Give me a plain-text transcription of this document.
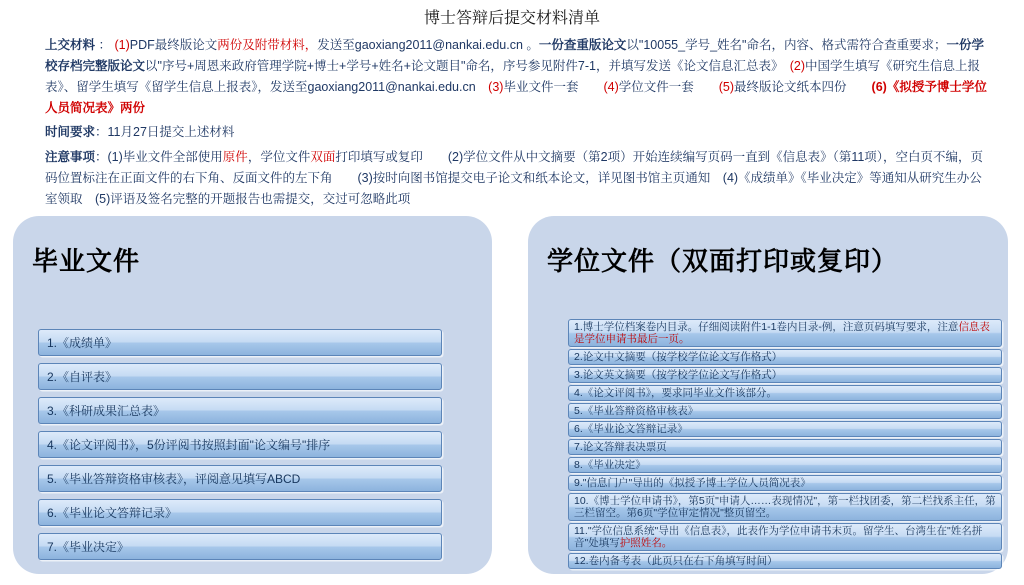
博士答辩后提交材料清单

上交材料 ： (1)PDF最终版论文两份及附带材料，发送至gaoxiang2011@nankai.edu.cn 。一份查重版论文以"10055_学号_姓名"命名，内容、格式需符合查重要求；一份学校存档完整版论文以"序号+周恩来政府管理学院+博士+学号+姓名+论文题目"命名，序号参见附件7-1，并填写发送《论文信息汇总表》　(2)中国学生填写《研究生信息上报表》、留学生填写《留学生信息上报表》，发送至gaoxiang2011@nankai.edu.cn　(3)毕业文件一套　　(4)学位文件一套　　(5)最终版论文纸本四份　　(6)《拟授予博士学位人员简况表》两份

时间要求：11月27日提交上述材料

注意事项：(1)毕业文件全部使用原件，学位文件双面打印填写或复印　　(2)学位文件从中文摘要（第2项）开始连续编写页码一直到《信息表》（第11项），空白页不编，页码位置标注在正面文件的右下角、反面文件的左下角　　(3)按时向图书馆提交电子论文和纸本论文，详见图书馆主页通知　(4)《成绩单》《毕业决定》等通知从研究生办公室领取　(5)评语及签名完整的开题报告也需提交，交过可忽略此项

毕业文件
1.《成绩单》
2.《自评表》
3.《科研成果汇总表》
4.《论文评阅书》，5份评阅书按照封面"论文编号"排序
5.《毕业答辩资格审核表》，评阅意见填写ABCD
6.《毕业论文答辩记录》
7.《毕业决定》
学位文件（双面打印或复印）
1.博士学位档案卷内目录。仔细阅读附件1-1卷内目录-例，注意页码填写要求，注意信息表是学位申请书最后一页。
2.论文中文摘要（按学校学位论文写作格式）
3.论文英文摘要（按学校学位论文写作格式）
4.《论文评阅书》，要求同毕业文件该部分。
5.《毕业答辩资格审核表》
6.《毕业论文答辩记录》
7.论文答辩表决票页
8.《毕业决定》
9."信息门户"导出的《拟授予博士学位人员简况表》
10.《博士学位申请书》，第5页"申请人……表现情况"，第一栏找团委，第二栏找系主任，第三栏留空。第6页"学位审定情况"整页留空。
11."学位信息系统"导出《信息表》，此表作为学位申请书末页。留学生、台湾生在"姓名拼音"处填写护照姓名。
12.卷内备考表（此页只在右下角填写时间）
